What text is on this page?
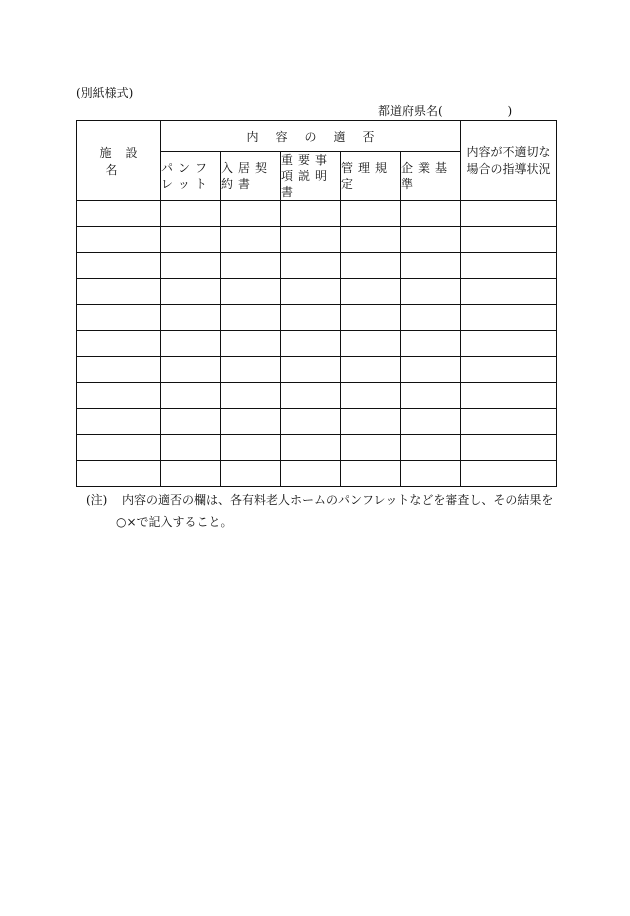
(別紙様式)
都道府県名(	)
施設名	内容の適否					内容が不適切な
場合の指導状況
	パンフレット	入居契約書	重要事項説明書	管理規定	企業基準	

(注) 内容の適否の欄は、各有料老人ホームのパンフレットなどを審査し、その結果を
○×で記入すること。
